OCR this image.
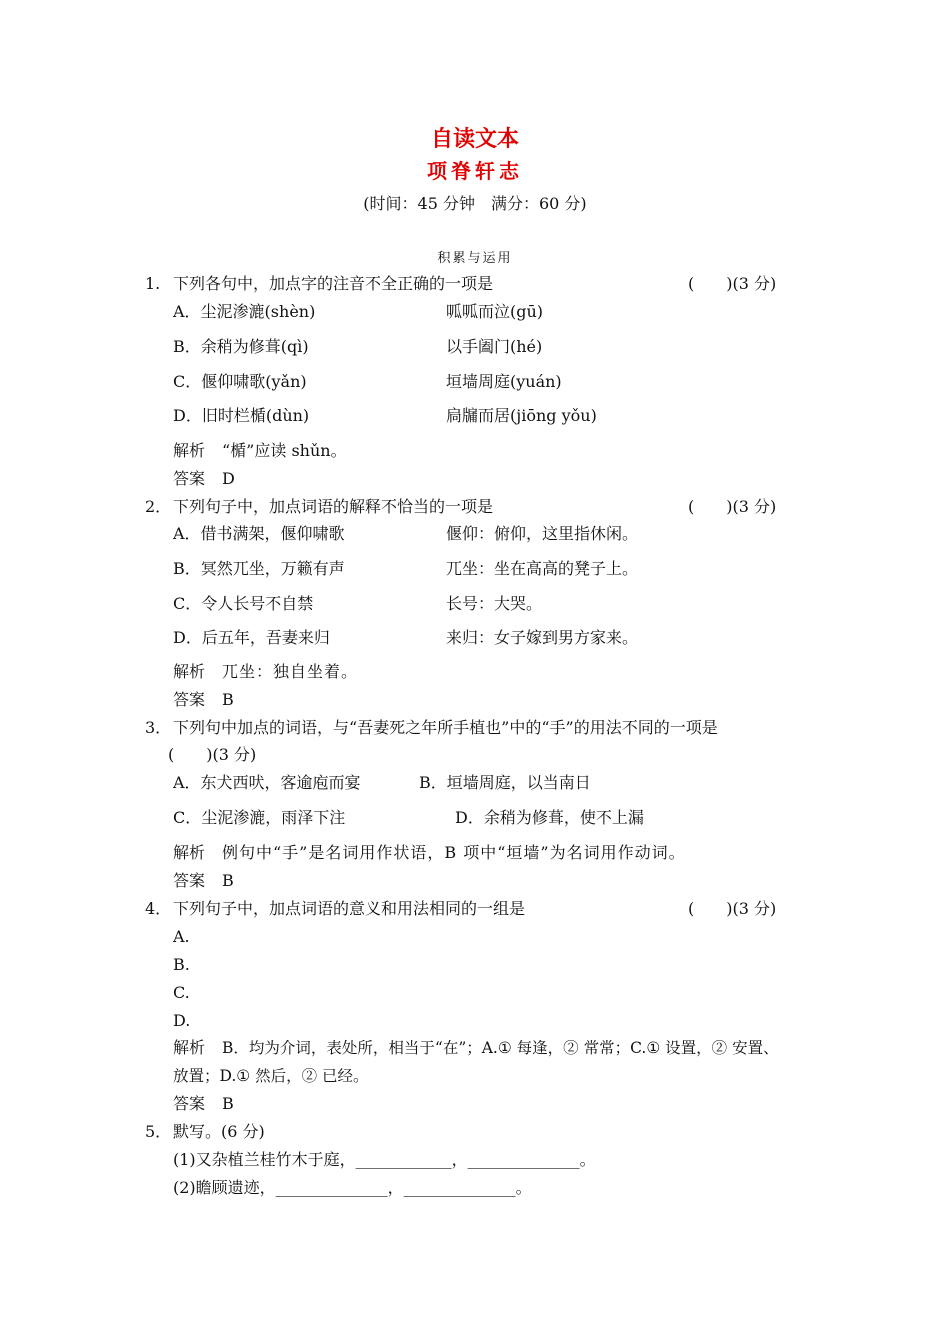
自读文本
项脊轩志
(时间：45 分钟　满分：60 分)
积累与运用
1. 下列各句中，加点字的注音不全正确的一项是	(　　)(3 分)
A．尘泥渗漉(shèn)	呱呱而泣(gū)
B．余稍为修葺(qì)	以手阖门(hé)
C．偃仰啸歌(yǎn)	垣墙周庭(yuán)
D．旧时栏楯(dùn)	扃牖而居(jiōng yǒu)
解析 “楯”应读 shǔn。
答案 D
2． 下列句子中，加点词语的解释不恰当的一项是	(　　)(3 分)
A．借书满架，偃仰啸歌	偃仰：俯仰，这里指休闲。
B．冥然兀坐，万籁有声	兀坐：坐在高高的凳子上。
C．令人长号不自禁	长号：大哭。
D．后五年，吾妻来归	来归：女子嫁到男方家来。
解析 兀坐：独自坐着。
答案 B
3． 下列句中加点的词语，与“吾妻死之年所手植也”中的“手”的用法不同的一项是
(　　)(3 分)
A．东犬西吠，客逾庖而宴	B．垣墙周庭，以当南日
C．尘泥渗漉，雨泽下注	D．余稍为修葺，使不上漏
解析 例句中“手”是名词用作状语，B 项中“垣墙”为名词用作动词。
答案 B
4． 下列句子中，加点词语的意义和用法相同的一组是	(　　)(3 分)
A.
B.
C.
D.
解析 B．均为介词，表处所，相当于“在”；A.① 每逢，② 常常；C.① 设置，② 安置、
放置；D.① 然后，② 已经。
答案 B
5． 默写。(6 分)
(1)又杂植兰桂竹木于庭，____________，______________。
(2)瞻顾遗迹，______________，______________。
